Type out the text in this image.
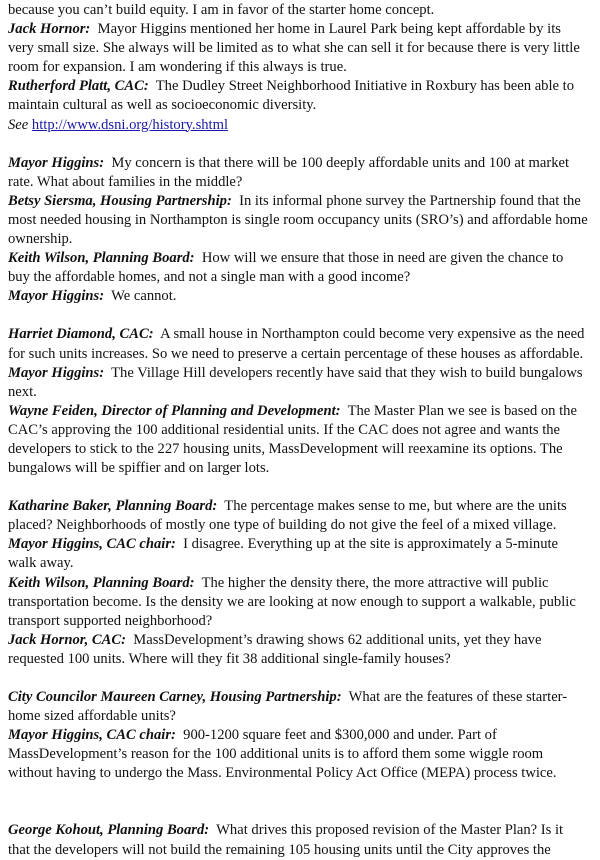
because you can’t build equity. I am in favor of the starter home concept.

Jack Hornor: Mayor Higgins mentioned her home in Laurel Park being kept affordable by its very small size. She always will be limited as to what she can sell it for because there is very little room for expansion. I am wondering if this always is true.

Rutherford Platt, CAC: The Dudley Street Neighborhood Initiative in Roxbury has been able to maintain cultural as well as socioeconomic diversity.

See http://www.dsni.org/history.shtml

Mayor Higgins: My concern is that there will be 100 deeply affordable units and 100 at market rate. What about families in the middle?

Betsy Siersma, Housing Partnership: In its informal phone survey the Partnership found that the most needed housing in Northampton is single room occupancy units (SRO’s) and affordable home ownership.

Keith Wilson, Planning Board: How will we ensure that those in need are given the chance to buy the affordable homes, and not a single man with a good income?

Mayor Higgins: We cannot.

Harriet Diamond, CAC: A small house in Northampton could become very expensive as the need for such units increases. So we need to preserve a certain percentage of these houses as affordable.

Mayor Higgins: The Village Hill developers recently have said that they wish to build bungalows next.

Wayne Feiden, Director of Planning and Development: The Master Plan we see is based on the CAC’s approving the 100 additional residential units. If the CAC does not agree and wants the developers to stick to the 227 housing units, MassDevelopment will reexamine its options. The bungalows will be spiffier and on larger lots.

Katharine Baker, Planning Board: The percentage makes sense to me, but where are the units placed? Neighborhoods of mostly one type of building do not give the feel of a mixed village.

Mayor Higgins, CAC chair: I disagree. Everything up at the site is approximately a 5-minute walk away.

Keith Wilson, Planning Board: The higher the density there, the more attractive will public transportation become. Is the density we are looking at now enough to support a walkable, public transport supported neighborhood?

Jack Hornor, CAC: MassDevelopment’s drawing shows 62 additional units, yet they have requested 100 units. Where will they fit 38 additional single-family houses?

City Councilor Maureen Carney, Housing Partnership: What are the features of these starter-home sized affordable units?

Mayor Higgins, CAC chair: 900-1200 square feet and $300,000 and under. Part of MassDevelopment’s reason for the 100 additional units is to afford them some wiggle room without having to undergo the Mass. Environmental Policy Act Office (MEPA) process twice.

George Kohout, Planning Board: What drives this proposed revision of the Master Plan? Is it that the developers will not build the remaining 105 housing units until the City approves the
